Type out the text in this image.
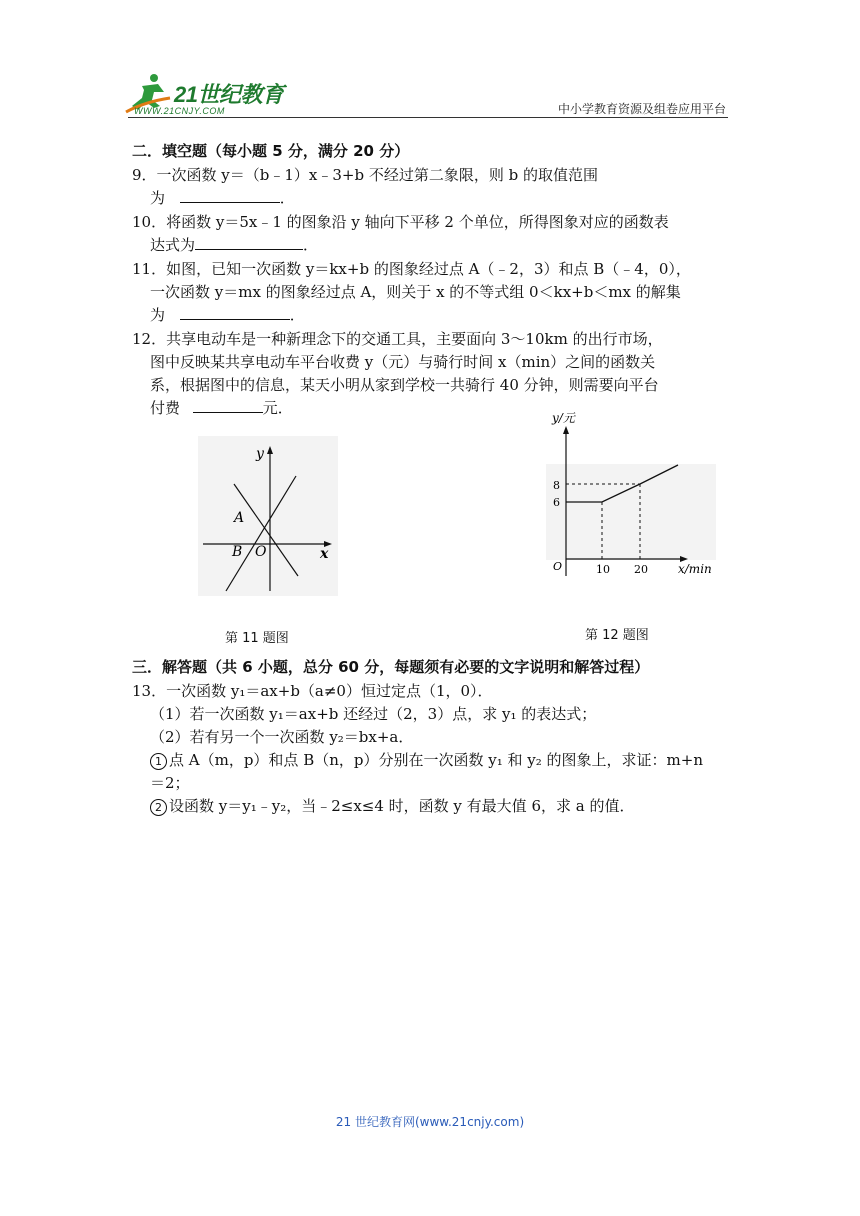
21世纪教育
WWW.21CNJY.COM	中小学教育资源及组卷应用平台
二．填空题（每小题 5 分，满分 20 分）
9．一次函数 y＝（b﹣1）x﹣3+b 不经过第二象限，则 b 的取值范围
为	．
10．将函数 y＝5x﹣1 的图象沿 y 轴向下平移 2 个单位，所得图象对应的函数表
达式为	．
11．如图，已知一次函数 y＝kx+b 的图象经过点 A（﹣2，3）和点 B（﹣4，0），
一次函数 y＝mx 的图象经过点 A，则关于 x 的不等式组 0＜kx+b＜mx 的解集
为	．
12．共享电动车是一种新理念下的交通工具，主要面向 3～10km 的出行市场，
图中反映某共享电动车平台收费 y（元）与骑行时间 x（min）之间的函数关
系，根据图中的信息，某天小明从家到学校一共骑行 40 分钟，则需要向平台
付费	元．
y
x
A
B O
第 11 题图
y/元
8
6
O	10 20	x/min
第 12 题图
三．解答题（共 6 小题，总分 60 分，每题须有必要的文字说明和解答过程）
13．一次函数 y₁＝ax+b（a≠0）恒过定点（1，0）．
（1）若一次函数 y₁＝ax+b 还经过（2，3）点，求 y₁ 的表达式；
（2）若有另一个一次函数 y₂＝bx+a．
1 点 A（m，p）和点 B（n，p）分别在一次函数 y₁ 和 y₂ 的图象上，求证：m+n
＝2；
2 设函数 y＝y₁﹣y₂，当﹣2≤x≤4 时，函数 y 有最大值 6，求 a 的值．
21 世纪教育网(www.21cnjy.com)
